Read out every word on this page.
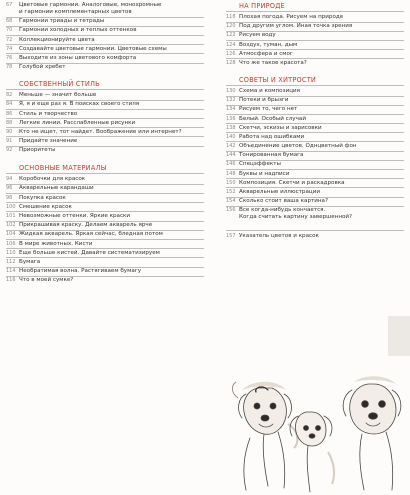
67	Цветовые гармонии. Аналоговые, монохромные
и гармонии комплементарных цветов
68	Гармонии триады и тетрады
70	Гармонии холодных и теплых оттенков
72	Коллекционируйте цвета
74	Создавайте цветовые гармонии. Цветовые схемы
76	Выходите из зоны цветового комфорта
78	Голубой хребет
СОБСТВЕННЫЙ СТИЛЬ
82	Меньше — значит больше
84	Я, я и еще раз я. В поисках своего стиля
86	Стиль и творчество
88	Легкие линии. Расслабленные рисунки
90	Кто не ищет, тот найдет. Воображение или интернет?
91	Придайте значение
92	Приоритеты
ОСНОВНЫЕ МАТЕРИАЛЫ
94	Коробочки для красок
96	Акварельные карандаши
98	Покупка красок
100 Смешение красок
101 Невозможные оттенки. Яркие краски
102 Прикрашивая краску. Делаем акварель ярче
104 Жидкая акварель. Яркая сейчас, бледная потом
106 В мире животных. Кисти
110 Еще больше кистей. Давайте систематизируем
112 Бумага
114 Необратимая волна. Растягиваем бумагу
116 Что в моей сумке?
НА ПРИРОДЕ
118 Плохая погода. Рисуем на природе
120 Под другим углом. Иная точка зрения
122 Рисуем воду
124 Воздух, туман, дым
126 Атмосфера и смог
128 Что же такое красота?
СОВЕТЫ И ХИТРОСТИ
130 Схема и композиция
132 Потеки и брызги
134 Рисуем то, чего нет
136 Белый. Особый случай
138 Скетчи, эскизы и зарисовки
140 Работа над ошибками
142 Объединение цветов. Однцветный фон
144 Тонированная бумага
146 Спецэффекты
148 Буквы и надписи
150 Композиция. Скетчи и раскадровка
152 Акварельные иллюстрации
154 Сколько стоит ваша картина?
156 Все когда-нибудь кончается.
Когда считать картину завершенной?
157 Указатель цветов и красок
